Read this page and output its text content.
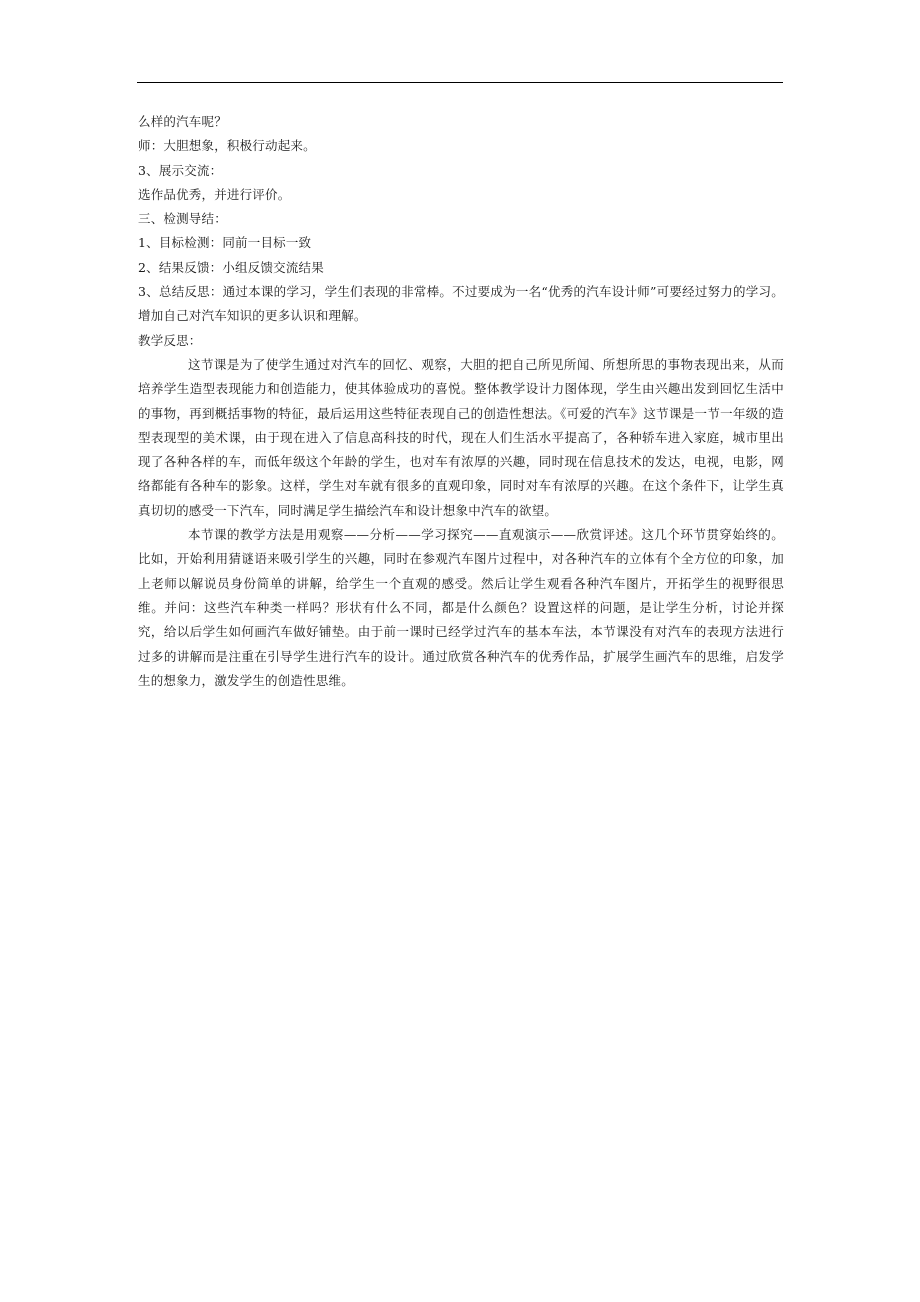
么样的汽车呢？
师：大胆想象，积极行动起来。
3、展示交流：
选作品优秀，并进行评价。
三、检测导结：
1、目标检测：同前一目标一致
2、结果反馈：小组反馈交流结果
3、总结反思：通过本课的学习，学生们表现的非常棒。不过要成为一名“优秀的汽车设计师”可要经过努力的学习。增加自己对汽车知识的更多认识和理解。
教学反思：
这节课是为了使学生通过对汽车的回忆、观察，大胆的把自己所见所闻、所想所思的事物表现出来，从而培养学生造型表现能力和创造能力，使其体验成功的喜悦。整体教学设计力图体现，学生由兴趣出发到回忆生活中的事物，再到概括事物的特征，最后运用这些特征表现自己的创造性想法。《可爱的汽车》这节课是一节一年级的造型表现型的美术课，由于现在进入了信息高科技的时代，现在人们生活水平提高了，各种轿车进入家庭，城市里出现了各种各样的车，而低年级这个年龄的学生，也对车有浓厚的兴趣，同时现在信息技术的发达，电视，电影，网络都能有各种车的影象。这样，学生对车就有很多的直观印象，同时对车有浓厚的兴趣。在这个条件下，让学生真真切切的感受一下汽车，同时满足学生描绘汽车和设计想象中汽车的欲望。
本节课的教学方法是用观察——分析——学习探究——直观演示——欣赏评述。这几个环节贯穿始终的。比如，开始利用猜谜语来吸引学生的兴趣，同时在参观汽车图片过程中，对各种汽车的立体有个全方位的印象，加上老师以解说员身份简单的讲解，给学生一个直观的感受。然后让学生观看各种汽车图片，开拓学生的视野很思维。并问：这些汽车种类一样吗？形状有什么不同，都是什么颜色？设置这样的问题，是让学生分析，讨论并探究，给以后学生如何画汽车做好铺垫。由于前一课时已经学过汽车的基本车法，本节课没有对汽车的表现方法进行过多的讲解而是注重在引导学生进行汽车的设计。通过欣赏各种汽车的优秀作品，扩展学生画汽车的思维，启发学生的想象力，激发学生的创造性思维。
